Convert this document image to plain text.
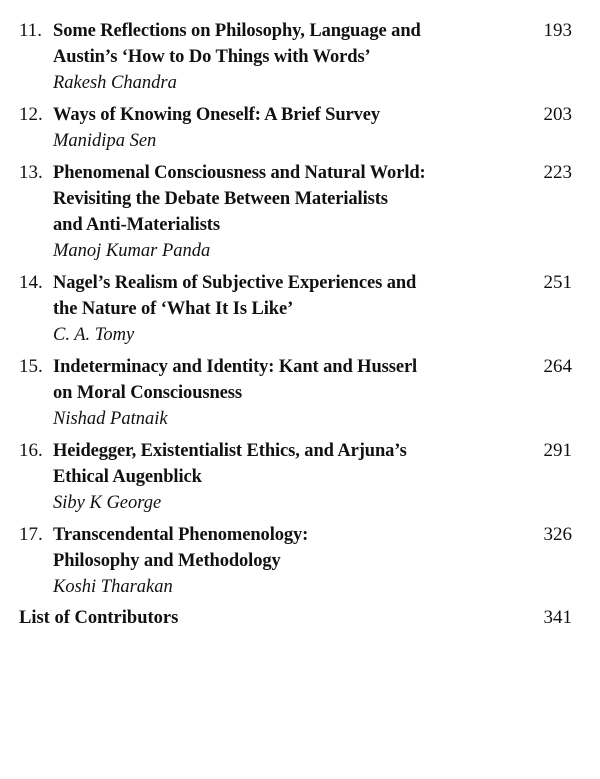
11. Some Reflections on Philosophy, Language and
Austin’s ‘How to Do Things with Words’
Rakesh Chandra
193
12. Ways of Knowing Oneself: A Brief Survey
Manidipa Sen
203
13. Phenomenal Consciousness and Natural World:
Revisiting the Debate Between Materialists
and Anti-Materialists
Manoj Kumar Panda
223
14. Nagel’s Realism of Subjective Experiences and
the Nature of ‘What It Is Like’
C. A. Tomy
251
15. Indeterminacy and Identity: Kant and Husserl
on Moral Consciousness
Nishad Patnaik
264
16. Heidegger, Existentialist Ethics, and Arjuna’s
Ethical Augenblick
Siby K George
291
17. Transcendental Phenomenology:
Philosophy and Methodology
Koshi Tharakan
326
List of Contributors	341
